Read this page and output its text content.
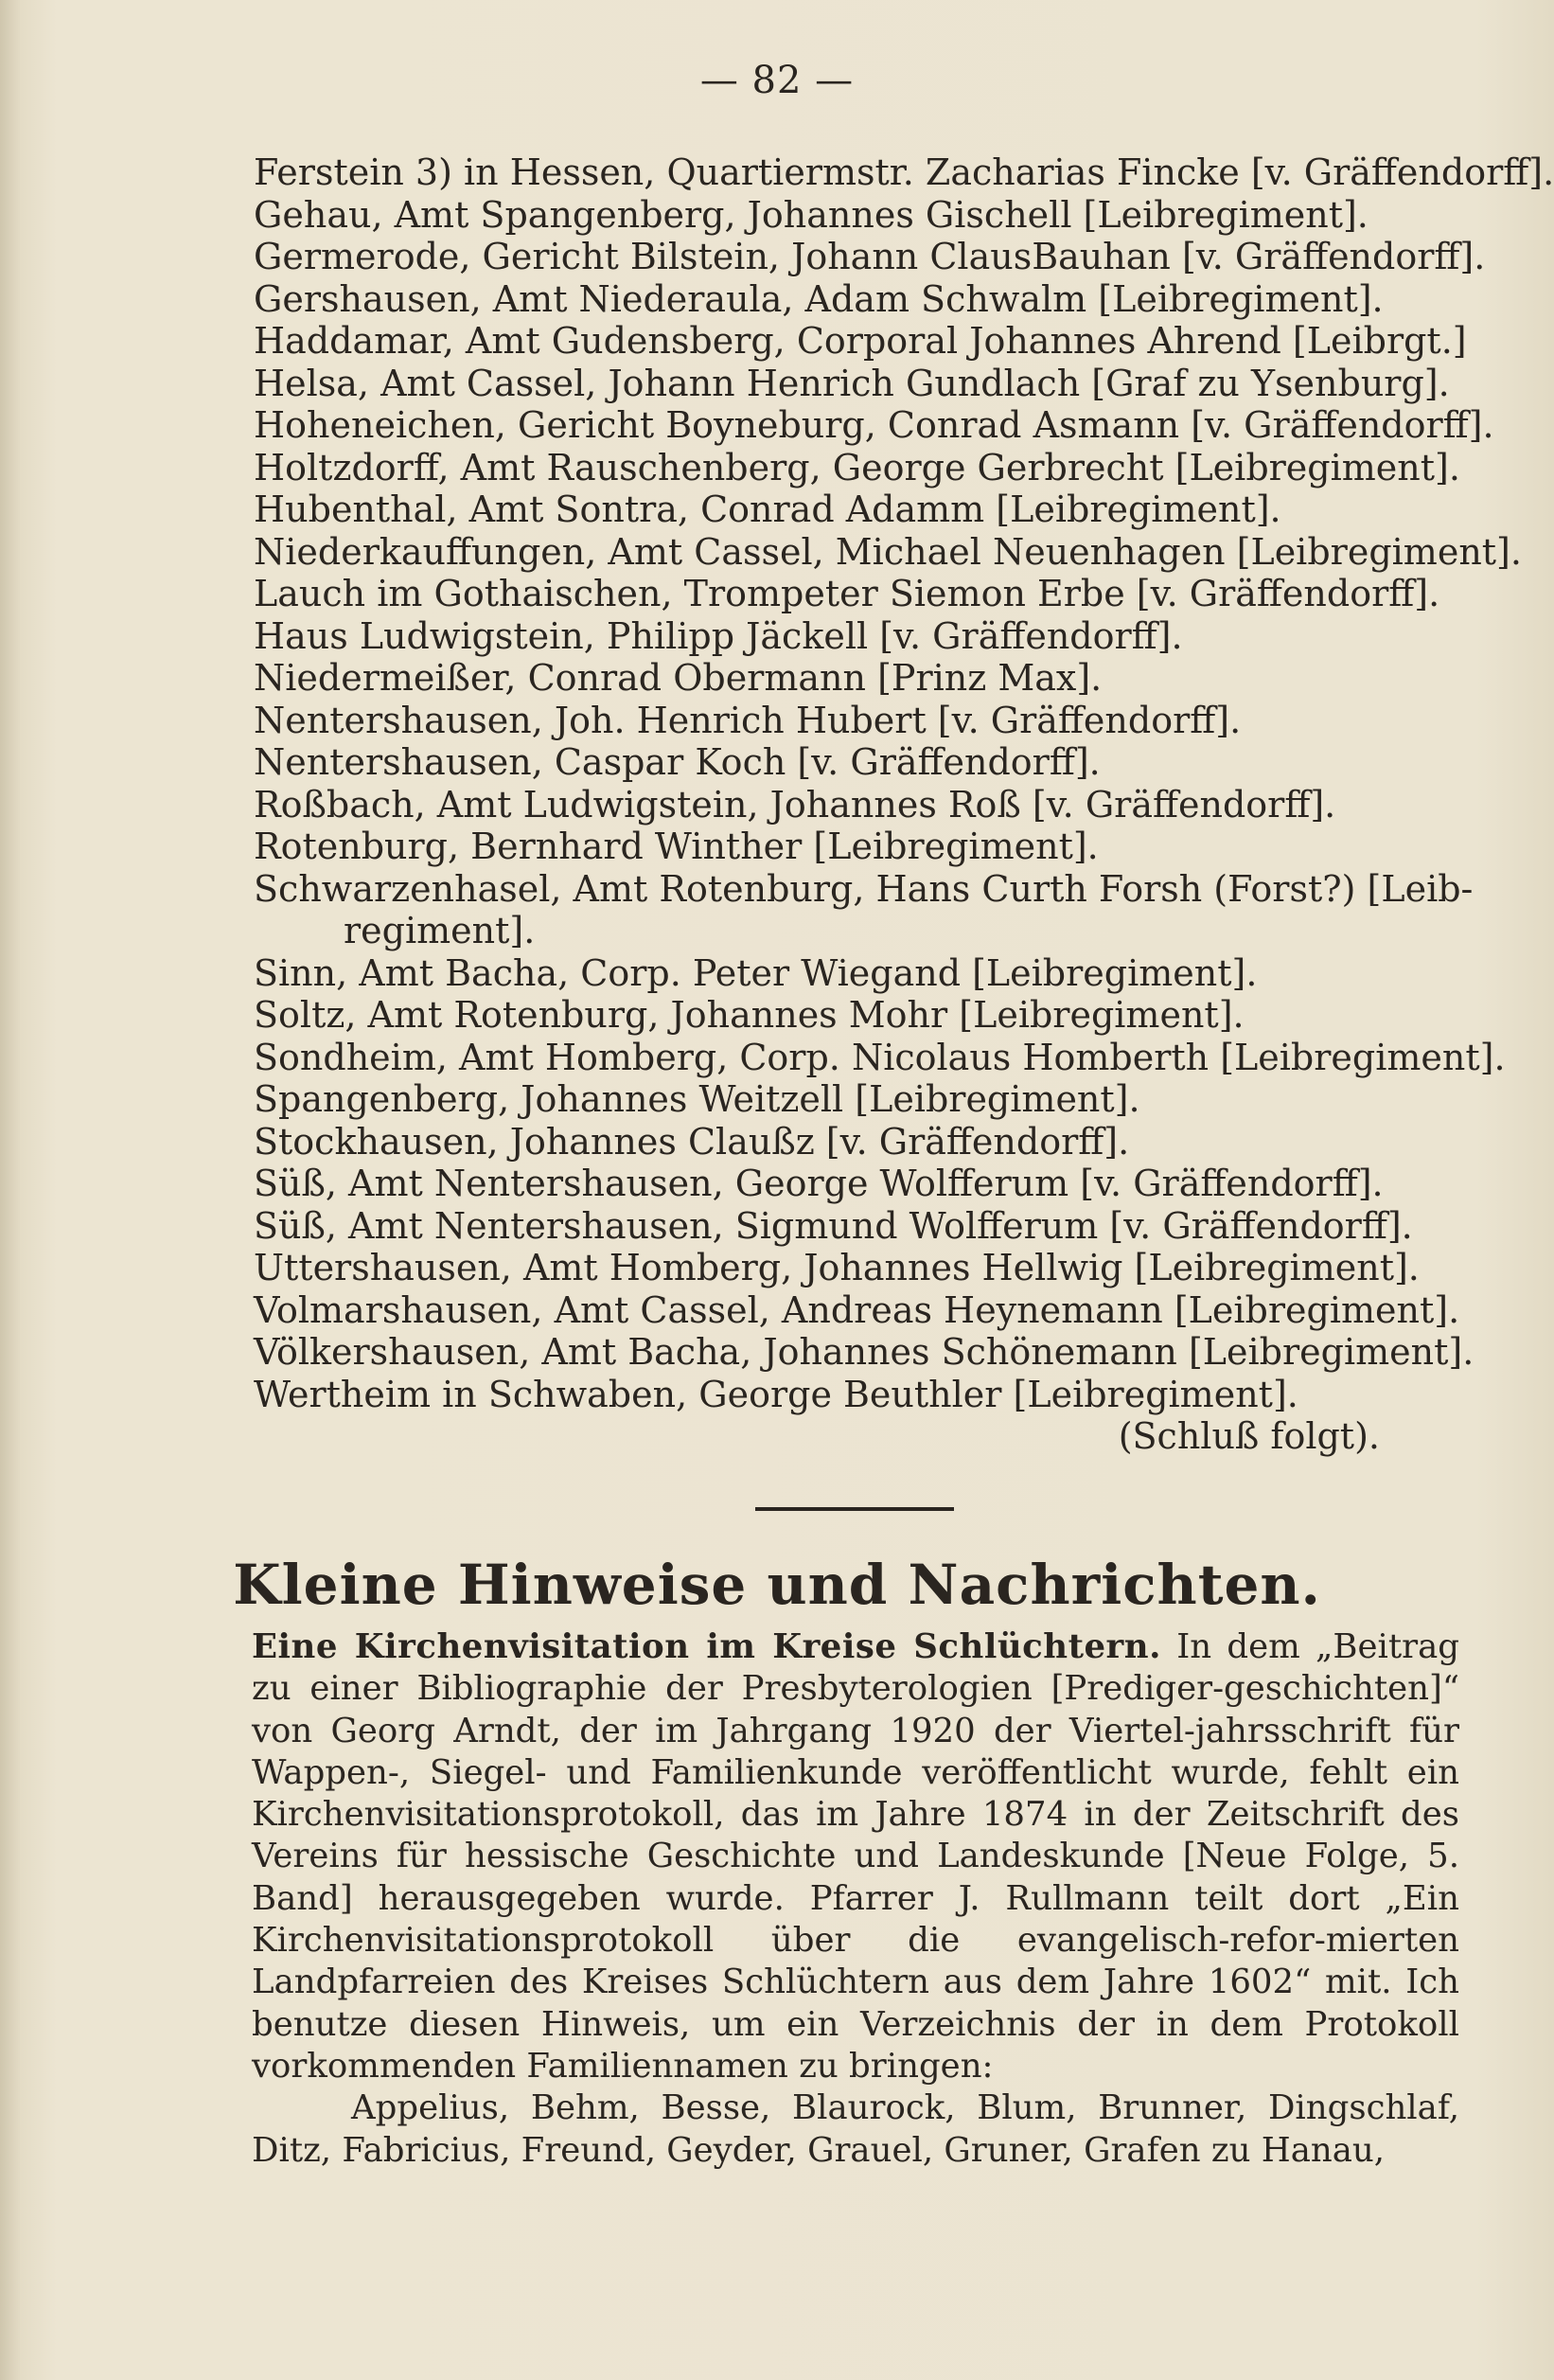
— 82 —
Ferstein 3) in Hessen, Quartiermstr. Zacharias Fincke [v. Gräffendorff].
Gehau, Amt Spangenberg, Johannes Gischell [Leibregiment].
Germerode, Gericht Bilstein, Johann ClausBauhan [v. Gräffendorff].
Gershausen, Amt Niederaula, Adam Schwalm [Leibregiment].
Haddamar, Amt Gudensberg, Corporal Johannes Ahrend [Leibrgt.]
Helsa, Amt Cassel, Johann Henrich Gundlach [Graf zu Ysenburg].
Hoheneichen, Gericht Boyneburg, Conrad Asmann [v. Gräffendorff].
Holtzdorff, Amt Rauschenberg, George Gerbrecht [Leibregiment].
Hubenthal, Amt Sontra, Conrad Adamm [Leibregiment].
Niederkauffungen, Amt Cassel, Michael Neuenhagen [Leibregiment].
Lauch im Gothaischen, Trompeter Siemon Erbe [v. Gräffendorff].
Haus Ludwigstein, Philipp Jäckell [v. Gräffendorff].
Niedermeißer, Conrad Obermann [Prinz Max].
Nentershausen, Joh. Henrich Hubert [v. Gräffendorff].
Nentershausen, Caspar Koch [v. Gräffendorff].
Roßbach, Amt Ludwigstein, Johannes Roß [v. Gräffendorff].
Rotenburg, Bernhard Winther [Leibregiment].
Schwarzenhasel, Amt Rotenburg, Hans Curth Forsh (Forst?) [Leib-
regiment].
Sinn, Amt Bacha, Corp. Peter Wiegand [Leibregiment].
Soltz, Amt Rotenburg, Johannes Mohr [Leibregiment].
Sondheim, Amt Homberg, Corp. Nicolaus Homberth [Leibregiment].
Spangenberg, Johannes Weitzell [Leibregiment].
Stockhausen, Johannes Claußz [v. Gräffendorff].
Süß, Amt Nentershausen, George Wolfferum [v. Gräffendorff].
Süß, Amt Nentershausen, Sigmund Wolfferum [v. Gräffendorff].
Uttershausen, Amt Homberg, Johannes Hellwig [Leibregiment].
Volmarshausen, Amt Cassel, Andreas Heynemann [Leibregiment].
Völkershausen, Amt Bacha, Johannes Schönemann [Leibregiment].
Wertheim in Schwaben, George Beuthler [Leibregiment].
(Schluß folgt).
Kleine Hinweise und Nachrichten.

Eine Kirchenvisitation im Kreise Schlüchtern. In dem „Beitrag zu einer Bibliographie der Presbyterologien [Prediger-geschichten]“ von Georg Arndt, der im Jahrgang 1920 der Viertel-jahrsschrift für Wappen-, Siegel- und Familienkunde veröffentlicht wurde, fehlt ein Kirchenvisitationsprotokoll, das im Jahre 1874 in der Zeitschrift des Vereins für hessische Geschichte und Landeskunde [Neue Folge, 5. Band] herausgegeben wurde. Pfarrer J. Rullmann teilt dort „Ein Kirchenvisitationsprotokoll über die evangelisch-refor-mierten Landpfarreien des Kreises Schlüchtern aus dem Jahre 1602“ mit. Ich benutze diesen Hinweis, um ein Verzeichnis der in dem Protokoll vorkommenden Familiennamen zu bringen:

Appelius, Behm, Besse, Blaurock, Blum, Brunner, Dingschlaf, Ditz, Fabricius, Freund, Geyder, Grauel, Gruner, Grafen zu Hanau,
